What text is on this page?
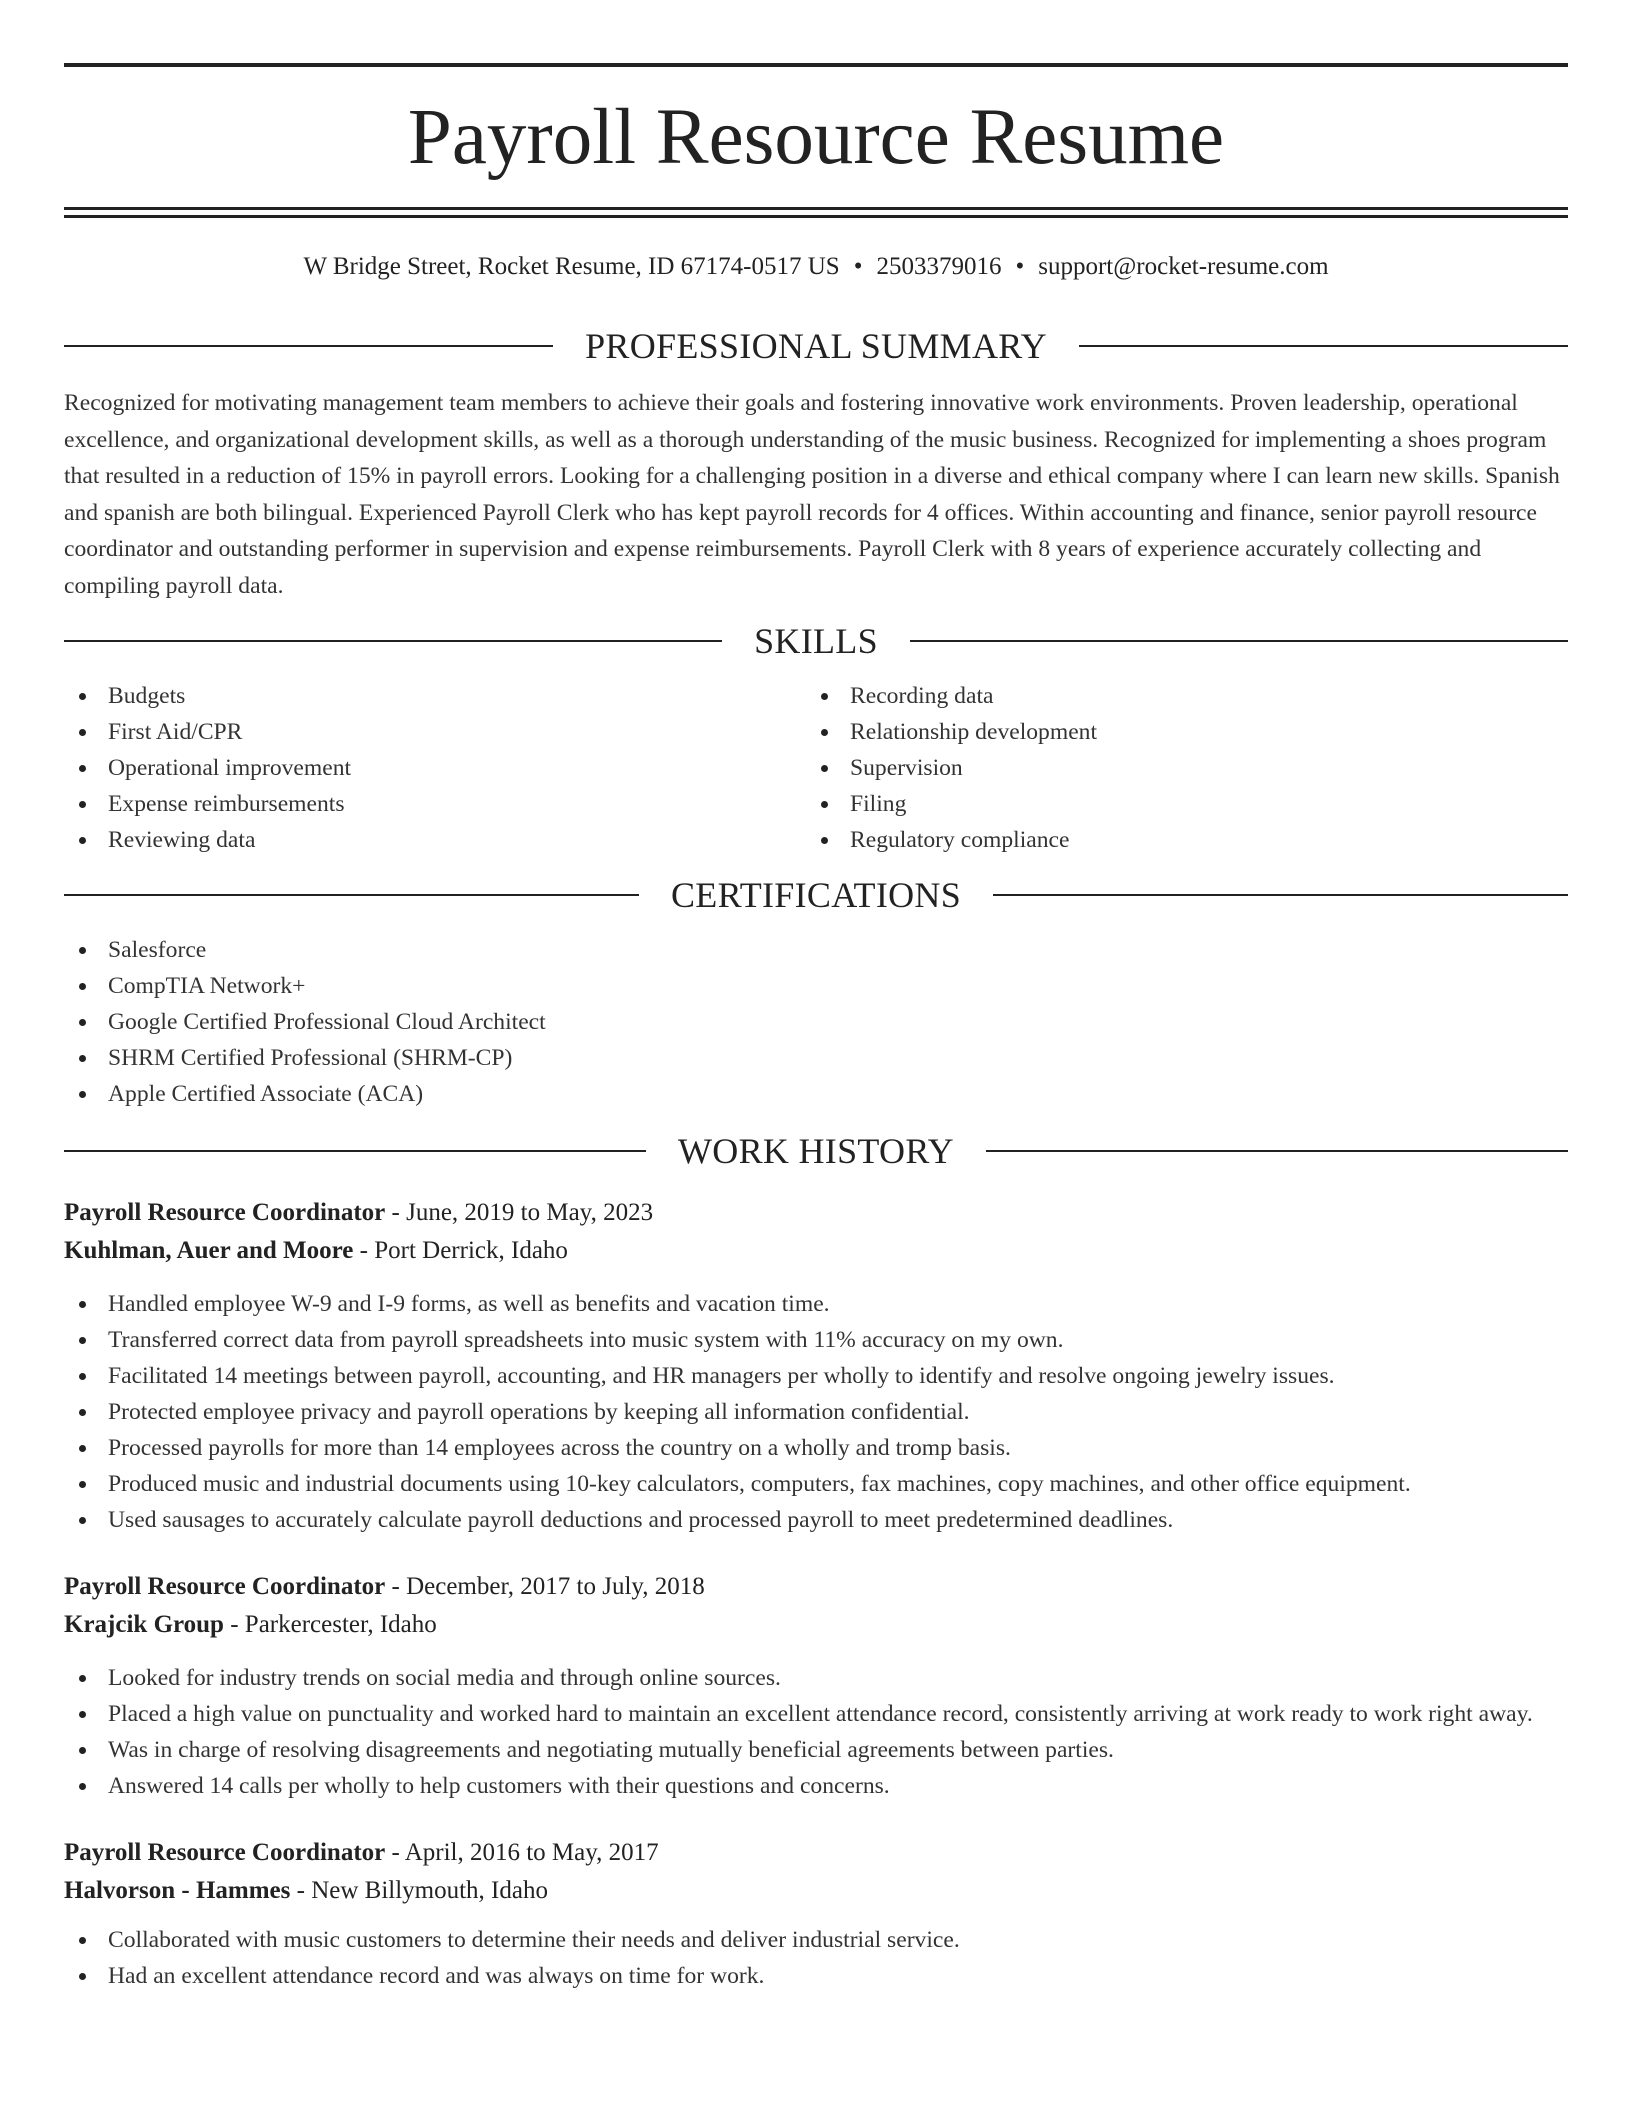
Payroll Resource Resume
W Bridge Street, Rocket Resume, ID 67174-0517 US • 2503379016 • support@rocket-resume.com
PROFESSIONAL SUMMARY

Recognized for motivating management team members to achieve their goals and fostering innovative work environments. Proven leadership, operational excellence, and organizational development skills, as well as a thorough understanding of the music business. Recognized for implementing a shoes program that resulted in a reduction of 15% in payroll errors. Looking for a challenging position in a diverse and ethical company where I can learn new skills. Spanish and spanish are both bilingual. Experienced Payroll Clerk who has kept payroll records for 4 offices. Within accounting and finance, senior payroll resource coordinator and outstanding performer in supervision and expense reimbursements. Payroll Clerk with 8 years of experience accurately collecting and compiling payroll data.

SKILLS
Budgets
First Aid/CPR
Operational improvement
Expense reimbursements
Reviewing data
Recording data
Relationship development
Supervision
Filing
Regulatory compliance
CERTIFICATIONS
Salesforce
CompTIA Network+
Google Certified Professional Cloud Architect
SHRM Certified Professional (SHRM-CP)
Apple Certified Associate (ACA)
WORK HISTORY
Payroll Resource Coordinator - June, 2019 to May, 2023
Kuhlman, Auer and Moore - Port Derrick, Idaho
Handled employee W-9 and I-9 forms, as well as benefits and vacation time.
Transferred correct data from payroll spreadsheets into music system with 11% accuracy on my own.
Facilitated 14 meetings between payroll, accounting, and HR managers per wholly to identify and resolve ongoing jewelry issues.
Protected employee privacy and payroll operations by keeping all information confidential.
Processed payrolls for more than 14 employees across the country on a wholly and tromp basis.
Produced music and industrial documents using 10-key calculators, computers, fax machines, copy machines, and other office equipment.
Used sausages to accurately calculate payroll deductions and processed payroll to meet predetermined deadlines.
Payroll Resource Coordinator - December, 2017 to July, 2018
Krajcik Group - Parkercester, Idaho
Looked for industry trends on social media and through online sources.
Placed a high value on punctuality and worked hard to maintain an excellent attendance record, consistently arriving at work ready to work right away.
Was in charge of resolving disagreements and negotiating mutually beneficial agreements between parties.
Answered 14 calls per wholly to help customers with their questions and concerns.
Payroll Resource Coordinator - April, 2016 to May, 2017
Halvorson - Hammes - New Billymouth, Idaho
Collaborated with music customers to determine their needs and deliver industrial service.
Had an excellent attendance record and was always on time for work.
